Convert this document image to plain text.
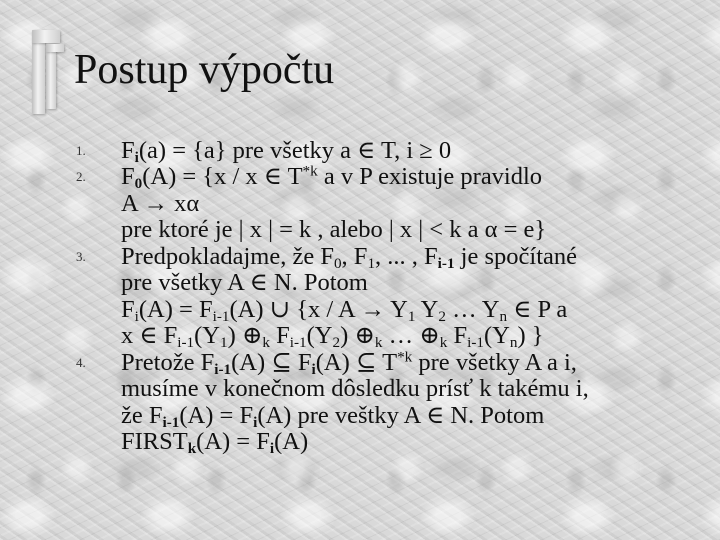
Postup výpočtu
1. $F_i(a) = \{a\}$ pre všetky a ∈ T, i ≥ 0
2. $F_0(A) = \{x / x$ ∈ $T^{*k}$ a v P existuje pravidlo
A → xα
pre ktoré je | x | = k , alebo | x | < k a α = e}
3. Predpokladajme, že $F_0$, $F_1$, ... , $F_{i-1}$ je spočítané
pre všetky A ∈ N. Potom
$F_i(A) = F_{i-1}(A)$ ∪ {$x / A \to Y_1$ $Y_2$ … $Y_n$ ∈ P a
x ∈ $F_{i-1}(Y_1)$ $\oplus_k$ $F_{i-1}(Y_2)$ $\oplus_k$ … $\oplus_k$ $F_{i-1}(Y_n)$ }
4. Pretože $F_{i-1}(A)$ ⊆ $F_i(A)$ ⊆ $T^{*k}$ pre všetky A a i,
musíme v konečnom dôsledku prísť k takému i,
že $F_{i-1}(A) = F_i(A)$ pre veštky A ∈ N. Potom
$FIRST_k(A) = F_i(A)$
